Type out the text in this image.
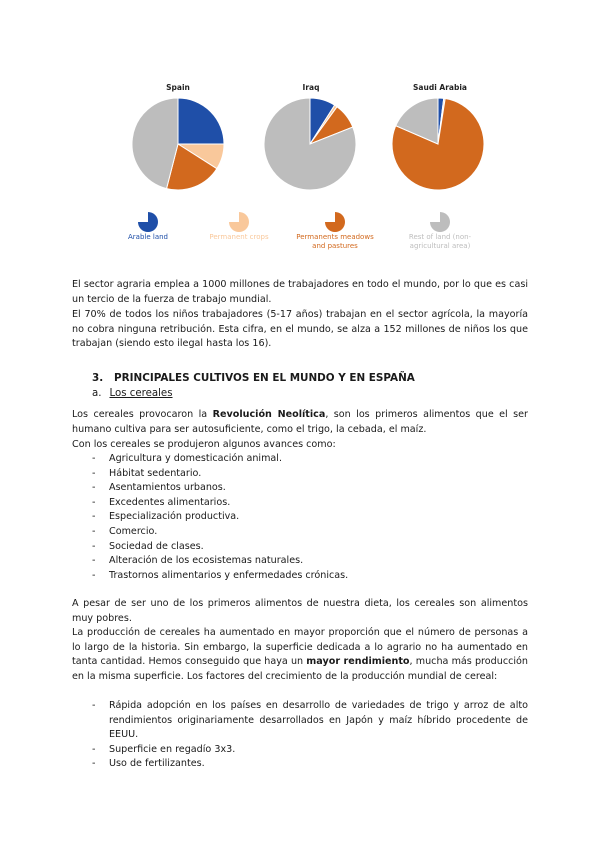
Spain	Iraq	Saudi Arabia
Arable land	Permanent crops	Permanents meadows and pastures
Rest of land (non-agricultural area)
El sector agraria emplea a 1000 millones de trabajadores en todo el mundo, por lo que es casi un tercio de la fuerza de trabajo mundial.
El 70% de todos los niños trabajadores (5-17 años) trabajan en el sector agrícola, la mayoría no cobra ninguna retribución. Esta cifra, en el mundo, se alza a 152 millones de niños los que trabajan (siendo esto ilegal hasta los 16).
3. PRINCIPALES CULTIVOS EN EL MUNDO Y EN ESPAÑA
a. Los cereales
Los cereales provocaron la Revolución Neolítica, son los primeros alimentos que el ser humano cultiva para ser autosuficiente, como el trigo, la cebada, el maíz.
Con los cereales se produjeron algunos avances como:
- Agricultura y domesticación animal.
- Hábitat sedentario.
- Asentamientos urbanos.
- Excedentes alimentarios.
- Especialización productiva.
- Comercio.
- Sociedad de clases.
- Alteración de los ecosistemas naturales.
- Trastornos alimentarios y enfermedades crónicas.
A pesar de ser uno de los primeros alimentos de nuestra dieta, los cereales son alimentos muy pobres.
La producción de cereales ha aumentado en mayor proporción que el número de personas a lo largo de la historia. Sin embargo, la superficie dedicada a lo agrario no ha aumentado en tanta cantidad. Hemos conseguido que haya un mayor rendimiento, mucha más producción en la misma superficie. Los factores del crecimiento de la producción mundial de cereal:
- Rápida adopción en los países en desarrollo de variedades de trigo y arroz de alto rendimientos originariamente desarrollados en Japón y maíz híbrido procedente de EEUU.
- Superficie en regadío 3x3.
- Uso de fertilizantes.
